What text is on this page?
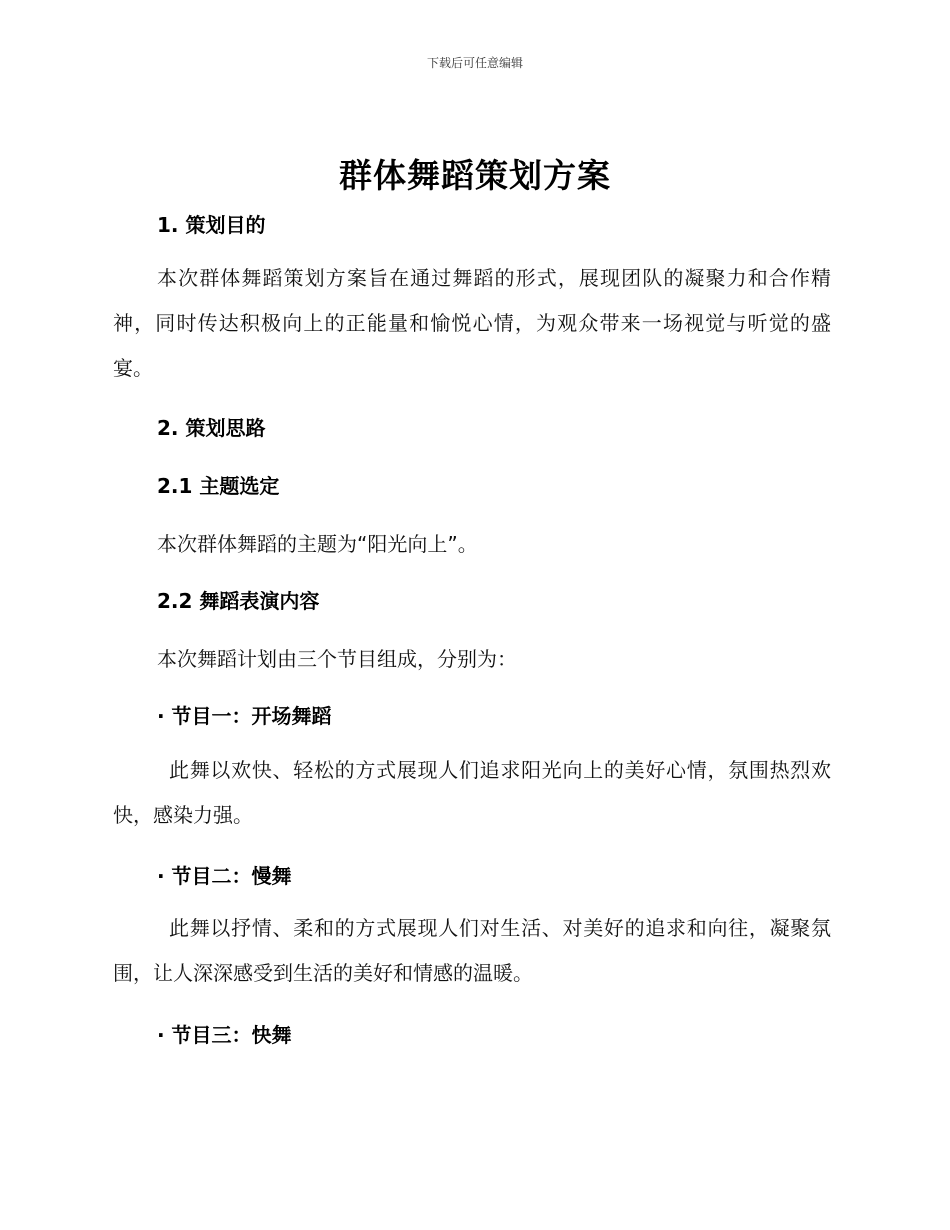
下载后可任意编辑
群体舞蹈策划方案
1. 策划目的
本次群体舞蹈策划方案旨在通过舞蹈的形式，展现团队的凝聚力和合作精神，同时传达积极向上的正能量和愉悦心情，为观众带来一场视觉与听觉的盛宴。
2. 策划思路
2.1 主题选定
本次群体舞蹈的主题为“阳光向上”。
2.2 舞蹈表演内容
本次舞蹈计划由三个节目组成，分别为：
· 节目一：开场舞蹈
此舞以欢快、轻松的方式展现人们追求阳光向上的美好心情，氛围热烈欢快，感染力强。
· 节目二：慢舞
此舞以抒情、柔和的方式展现人们对生活、对美好的追求和向往，凝聚氛围，让人深深感受到生活的美好和情感的温暖。
· 节目三：快舞
